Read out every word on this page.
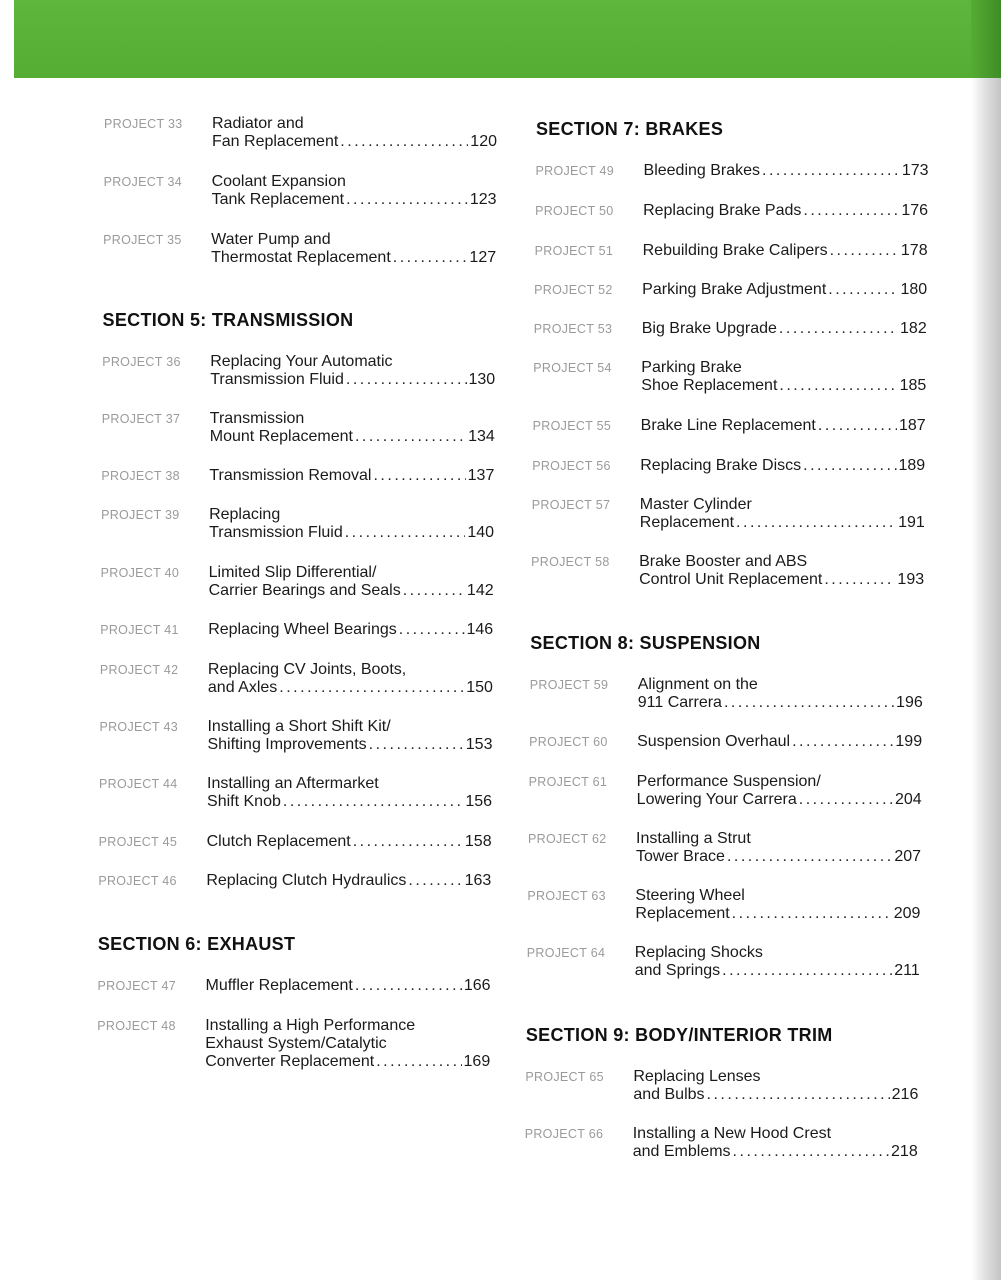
PROJECT 33 Radiator and
Fan Replacement .....	120
PROJECT 34 Coolant Expansion
Tank Replacement .....	123
PROJECT 35 Water Pump and
Thermostat Replacement .....	127
SECTION 5: TRANSMISSION
PROJECT 36 Replacing Your Automatic
Transmission Fluid .....	130
PROJECT 37 Transmission
Mount Replacement .....	134
PROJECT 38 Transmission Removal .....	137
PROJECT 39 Replacing
Transmission Fluid .....	140
PROJECT 40 Limited Slip Differential/
Carrier Bearings and Seals .....	142
PROJECT 41 Replacing Wheel Bearings .....	146
PROJECT 42 Replacing CV Joints, Boots,
and Axles .....	150
PROJECT 43 Installing a Short Shift Kit/
Shifting Improvements .....	153
PROJECT 44 Installing an Aftermarket
Shift Knob .....	156
PROJECT 45 Clutch Replacement .....	158
PROJECT 46 Replacing Clutch Hydraulics .....	163
SECTION 6: EXHAUST
PROJECT 47 Muffler Replacement .....	166
PROJECT 48 Installing a High Performance
Exhaust System/Catalytic
Converter Replacement .....	169
SECTION 7: BRAKES
PROJECT 49 Bleeding Brakes .....	173
PROJECT 50 Replacing Brake Pads .....	176
PROJECT 51 Rebuilding Brake Calipers .....	178
PROJECT 52 Parking Brake Adjustment .....	180
PROJECT 53 Big Brake Upgrade .....	182
PROJECT 54 Parking Brake
Shoe Replacement .....	185
PROJECT 55 Brake Line Replacement .....	187
PROJECT 56 Replacing Brake Discs .....	189
PROJECT 57 Master Cylinder
Replacement .....	191
PROJECT 58 Brake Booster and ABS
Control Unit Replacement .....	193
SECTION 8: SUSPENSION
PROJECT 59 Alignment on the
911 Carrera .....	196
PROJECT 60 Suspension Overhaul .....	199
PROJECT 61 Performance Suspension/
Lowering Your Carrera .....	204
PROJECT 62 Installing a Strut
Tower Brace .....	207
PROJECT 63 Steering Wheel
Replacement .....	209
PROJECT 64 Replacing Shocks
and Springs .....	211
SECTION 9: BODY/INTERIOR TRIM
PROJECT 65 Replacing Lenses
and Bulbs .....	216
PROJECT 66 Installing a New Hood Crest
and Emblems .....	218
